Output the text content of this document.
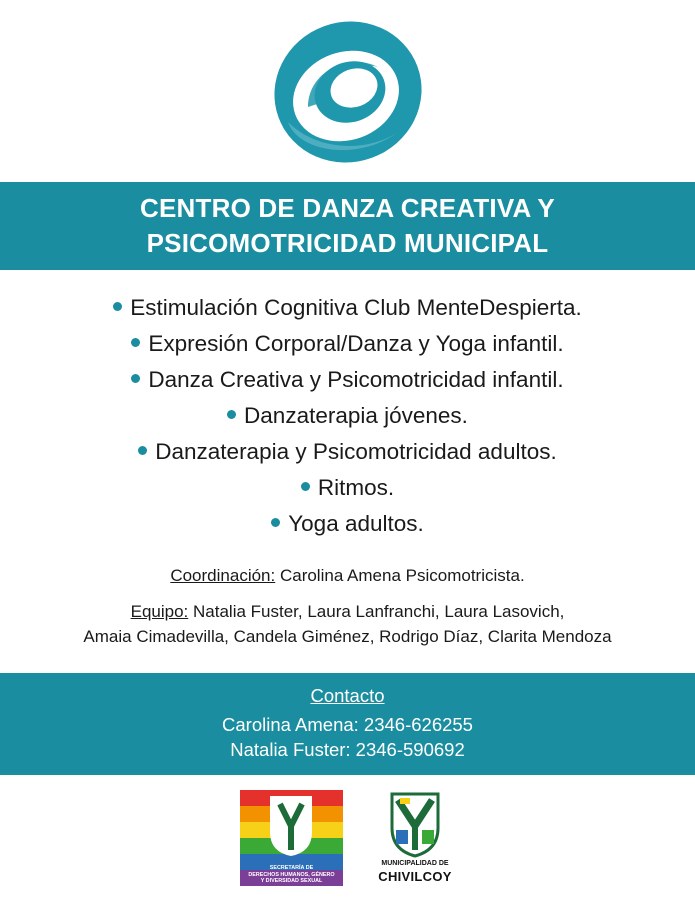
CENTRO DE DANZA CREATIVA Y
PSICOMOTRICIDAD MUNICIPAL
Estimulación Cognitiva Club MenteDespierta.
Expresión Corporal/Danza y Yoga infantil.
Danza Creativa y Psicomotricidad infantil.
Danzaterapia jóvenes.
Danzaterapia y Psicomotricidad adultos.
Ritmos.
Yoga adultos.
Coordinación: Carolina Amena Psicomotricista.
Equipo: Natalia Fuster, Laura Lanfranchi, Laura Lasovich,
Amaia Cimadevilla, Candela Giménez, Rodrigo Díaz, Clarita Mendoza
Contacto
Carolina Amena: 2346-626255
Natalia Fuster: 2346-590692
SECRETARÍA DE
DERECHOS HUMANOS, GÉNERO
Y DIVERSIDAD SEXUAL
MUNICIPALIDAD DE
CHIVILCOY
